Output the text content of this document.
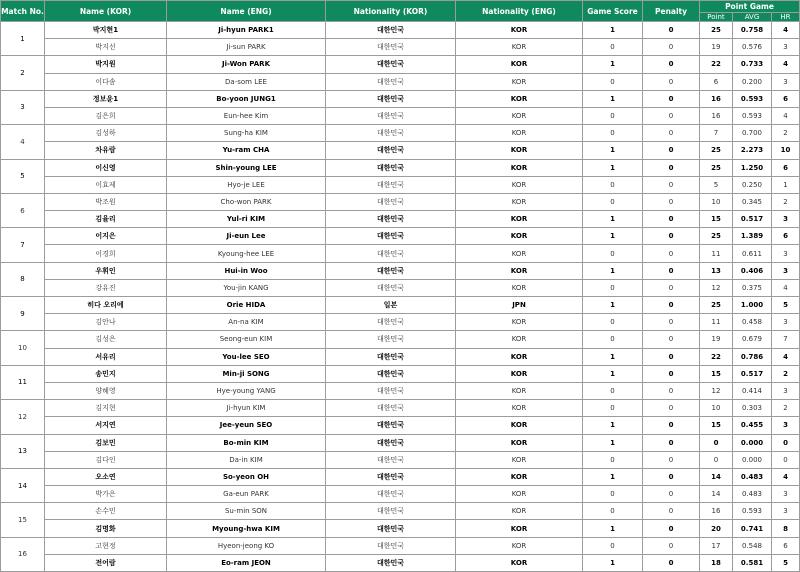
Match No.	Name (KOR)	Name (ENG)	Nationality (KOR)	Nationality (ENG)	Game Score	Penalty	Point Game		
							Point	AVG	HR
1	박지현1	Ji-hyun PARK1	대한민국	KOR	1	0	25	0.758	4
	박지선	Ji-sun PARK	대한민국	KOR	0	0	19	0.576	3
2	박지원	Ji-Won PARK	대한민국	KOR	1	0	22	0.733	4
	이다솜	Da-som LEE	대한민국	KOR	0	0	6	0.200	3
3	정보윤1	Bo-yoon JUNG1	대한민국	KOR	1	0	16	0.593	6
	김은희	Eun-hee Kim	대한민국	KOR	0	0	16	0.593	4
4	김성하	Sung-ha KIM	대한민국	KOR	0	0	7	0.700	2
	차유람	Yu-ram CHA	대한민국	KOR	1	0	25	2.273	10
5	이신영	Shin-young LEE	대한민국	KOR	1	0	25	1.250	6
	이효제	Hyo-je LEE	대한민국	KOR	0	0	5	0.250	1
6	박조원	Cho-won PARK	대한민국	KOR	0	0	10	0.345	2
	김율리	Yul-ri KIM	대한민국	KOR	1	0	15	0.517	3
7	이지은	Ji-eun Lee	대한민국	KOR	1	0	25	1.389	6
	이경희	Kyoung-hee LEE	대한민국	KOR	0	0	11	0.611	3
8	우휘인	Hui-in Woo	대한민국	KOR	1	0	13	0.406	3
	강유진	You-jin KANG	대한민국	KOR	0	0	12	0.375	4
9	히다 오리에	Orie HIDA	일본	JPN	1	0	25	1.000	5
	김안나	An-na KIM	대한민국	KOR	0	0	11	0.458	3
10	김성은	Seong-eun KIM	대한민국	KOR	0	0	19	0.679	7
	서유리	You-lee SEO	대한민국	KOR	1	0	22	0.786	4
11	송민지	Min-ji SONG	대한민국	KOR	1	0	15	0.517	2
	양혜영	Hye-young YANG	대한민국	KOR	0	0	12	0.414	3
12	김지현	Ji-hyun KIM	대한민국	KOR	0	0	10	0.303	2
	서지연	Jee-yeun SEO	대한민국	KOR	1	0	15	0.455	3
13	김보민	Bo-min KIM	대한민국	KOR	1	0	0	0.000	0
	김다인	Da-in KIM	대한민국	KOR	0	0	0	0.000	0
14	오소연	So-yeon OH	대한민국	KOR	1	0	14	0.483	4
	박가은	Ga-eun PARK	대한민국	KOR	0	0	14	0.483	3
15	손수민	Su-min SON	대한민국	KOR	0	0	16	0.593	3
	김명화	Myoung-hwa KIM	대한민국	KOR	1	0	20	0.741	8
16	고현정	Hyeon-jeong KO	대한민국	KOR	0	0	17	0.548	6
	전어람	Eo-ram JEON	대한민국	KOR	1	0	18	0.581	5
